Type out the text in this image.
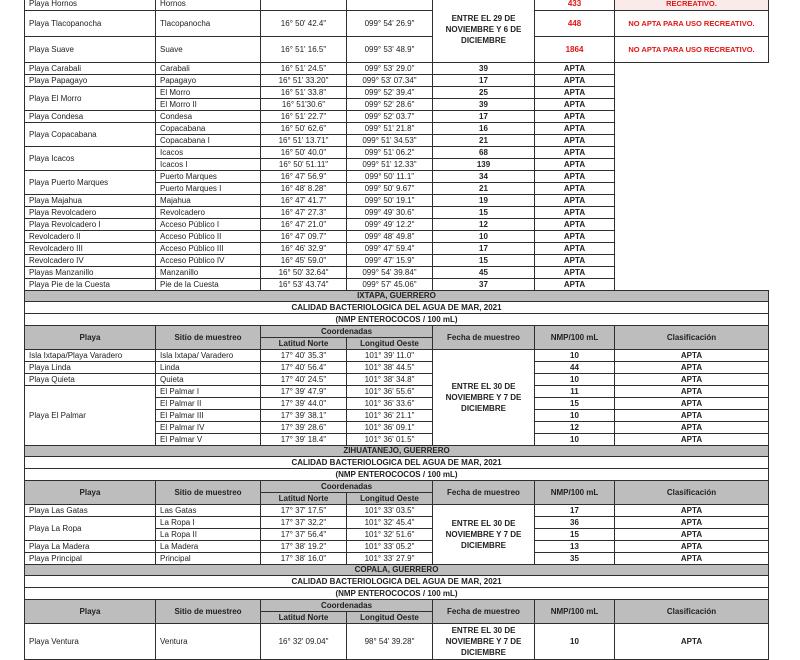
Playa Hornos	Hornos			ENTRE EL 29 DE NOVIEMBRE Y 6 DE DICIEMBRE	433	RECREATIVO.
Playa Tlacopanocha	Tlacopanocha	16° 50' 42.4"	099° 54' 26.9"		448	NO APTA PARA USO RECREATIVO.
Playa Suave	Suave	16° 51' 16.5"	099° 53' 48.9"		1864	NO APTA PARA USO RECREATIVO.
Playa Carabali	Carabali	16° 51' 24.5"	099° 53' 29.0"	39	APTA	
Playa Papagayo	Papagayo	16° 51' 33.20"	099° 53' 07.34"	17	APTA	
Playa El Morro	El Morro	16° 51' 33.8"	099° 52' 39.4"	25	APTA	
	El Morro II	16° 51'30.6"	099° 52' 28.6"	39	APTA	
Playa Condesa	Condesa	16° 51' 22.7"	099° 52' 03.7"	17	APTA	
Playa Copacabana	Copacabana	16° 50' 62.6"	099° 51' 21.8"	16	APTA	
	Copacabana I	16° 51' 13.71"	099° 51' 34.53"	21	APTA	
Playa Icacos	Icacos	16° 50' 40.0"	099° 51' 06.2"	68	APTA	
	Icacos I	16° 50' 51.11"	099° 51' 12.33"	139	APTA	
Playa Puerto Marques	Puerto Marques	16° 47' 56.9"	099° 50' 11.1"	34	APTA	
	Puerto Marques I	16° 48' 8.28"	099° 50' 9.67"	21	APTA	
Playa Majahua	Majahua	16° 47' 41.7"	099° 50' 19.1"	19	APTA	
Playa Revolcadero	Revolcadero	16° 47' 27.3"	099° 49' 30.6"	15	APTA	
Playa Revolcadero I	Acceso Público I	16° 47' 21.0"	099° 49' 12.2"	12	APTA	
Revolcadero II	Acceso Público II	16° 47' 09.7"	099° 48' 49.8"	10	APTA	
Revolcadero III	Acceso Público III	16° 46' 32.9"	099° 47' 59.4"	17	APTA	
Revolcadero IV	Acceso Público IV	16° 45' 59.0"	099° 47' 15.9"	15	APTA	
Playas Manzanillo	Manzanillo	16° 50' 32.64"	099° 54' 39.84"	45	APTA	
Playa Pie de la Cuesta	Pie de la Cuesta	16° 53' 43.74"	099° 57' 45.06"	37	APTA	
IXTAPA, GUERRERO						
CALIDAD BACTERIOLOGICA DEL AGUA DE MAR, 2021						
(NMP ENTEROCOCOS / 100 mL)						
Playa	Sitio de muestreo	Coordenadas		Fecha de muestreo	NMP/100 mL	Clasificación
		Latitud Norte	Longitud Oeste			
Isla Ixtapa/Playa Varadero	Isla Ixtapa/ Varadero	17° 40' 35.3"	101° 39' 11.0"	ENTRE EL 30 DE NOVIEMBRE Y 7 DE DICIEMBRE	10	APTA
Playa Linda	Linda	17° 40' 56.4"	101° 38' 44.5"		44	APTA
Playa Quieta	Quieta	17° 40' 24.5"	101° 38' 34.8"		10	APTA
Playa El Palmar	El Palmar I	17° 39' 47.9"	101° 36' 55.6"		11	APTA
	El Palmar II	17° 39' 44.0"	101° 36' 33.6"		15	APTA
	El Palmar III	17° 39' 38.1"	101° 36' 21.1"		10	APTA
	El Palmar IV	17° 39' 28.6"	101° 36' 09.1"		12	APTA
	El Palmar V	17° 39' 18.4"	101° 36' 01.5"		10	APTA
ZIHUATANEJO, GUERRERO						
CALIDAD BACTERIOLOGICA DEL AGUA DE MAR, 2021						
(NMP ENTEROCOCOS / 100 mL)						
Playa	Sitio de muestreo	Coordenadas		Fecha de muestreo	NMP/100 mL	Clasificación
		Latitud Norte	Longitud Oeste			
Playa Las Gatas	Las Gatas	17° 37' 17.5"	101° 33' 03.5"	ENTRE EL 30 DE NOVIEMBRE Y 7 DE DICIEMBRE	17	APTA
Playa La Ropa	La Ropa I	17° 37' 32.2"	101° 32' 45.4"		36	APTA
	La Ropa II	17° 37' 56.4"	101° 32' 51.6"		15	APTA
Playa La Madera	La Madera	17° 38' 19.2"	101° 33' 05.2"		13	APTA
Playa Principal	Principal	17° 38' 16.0"	101° 33' 27.9"		35	APTA
COPALA, GUERRERO						
CALIDAD BACTERIOLOGICA DEL AGUA DE MAR, 2021						
(NMP ENTEROCOCOS / 100 mL)						
Playa	Sitio de muestreo	Coordenadas		Fecha de muestreo	NMP/100 mL	Clasificación
		Latitud Norte	Longitud Oeste			
Playa Ventura	Ventura	16° 32' 09.04"	98° 54' 39.28"	ENTRE EL 30 DE NOVIEMBRE Y 7 DE DICIEMBRE	10	APTA
